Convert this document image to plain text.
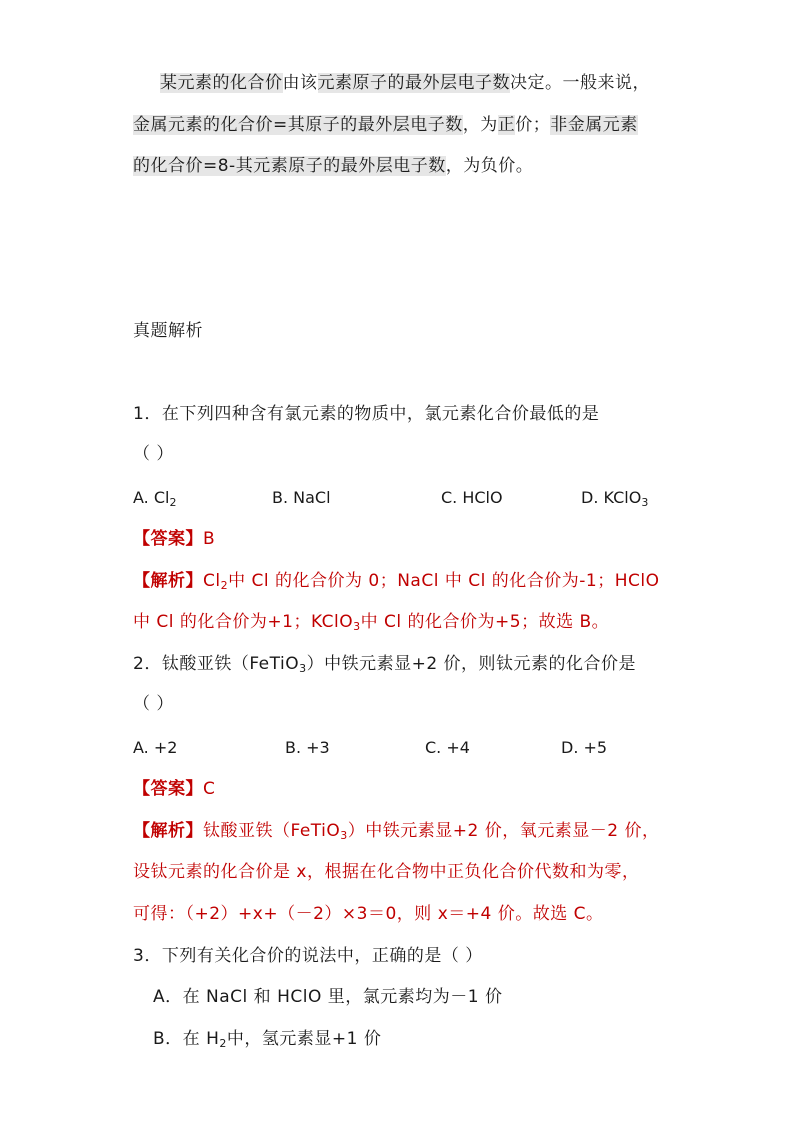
某元素的化合价由该元素原子的最外层电子数决定。一般来说，
金属元素的化合价=其原子的最外层电子数，为正价；非金属元素
的化合价=8-其元素原子的最外层电子数，为负价。
真题解析
1．在下列四种含有氯元素的物质中，氯元素化合价最低的是
（ ）
A. $Cl_2$	B. NaCl	C. HClO	D. KClO$_3$
【答案】B
【解析】$Cl_2$中 Cl 的化合价为 0；NaCl 中 Cl 的化合价为-1；HClO
中 Cl 的化合价为+1；KClO$_3$中 Cl 的化合价为+5；故选 B。
2．钛酸亚铁（FeTiO$_3$）中铁元素显+2 价，则钛元素的化合价是
（ ）
A. +2	B. +3	C. +4	D. +5
【答案】C
【解析】钛酸亚铁（FeTiO$_3$）中铁元素显+2 价，氧元素显－2 价，
设钛元素的化合价是 x，根据在化合物中正负化合价代数和为零，
可得：（+2）+x+（－2）×3＝0，则 x＝+4 价。故选 C。
3．下列有关化合价的说法中，正确的是（ ）
A．在 NaCl 和 HClO 里，氯元素均为－1 价
B．在 $H_2$中，氢元素显+1 价
